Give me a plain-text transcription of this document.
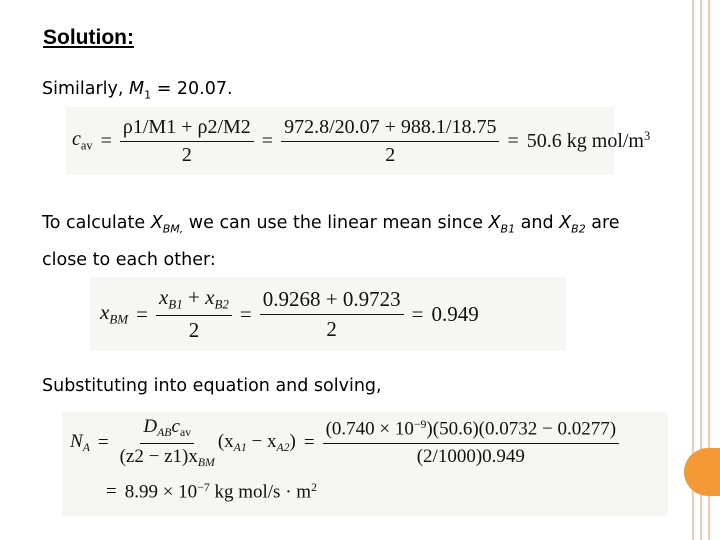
Solution:
Similarly, $M_1 = 20.07$.
$c_{av} = \frac{\rho 1/M1 + \rho 2/M2}{2} = \frac{972.8/20.07 + 988.1/18.75}{2} = 50.6$ kg mol/$m^3$
To calculate $X_{BM,}$ we can use the linear mean since $X_{B1}$ and $X_{B2}$ are
close to each other:
$x_{BM} = \frac{x_{B1} + x_{B2}}{2} = \frac{0.9268 + 0.9723}{2} = 0.949$
Substituting into equation and solving,
$N_A = \frac{D_{AB}c_{av}}{(z2 - z1)x_{BM}} (x_{A1} - x_{A2}) = \frac{(0.740 \times 10^{-9})(50.6)(0.0732 - 0.0277)}{(2/1000)0.949}$
= $8.99 \times 10^{-7}$ kg $mol/s \cdot m^2$
